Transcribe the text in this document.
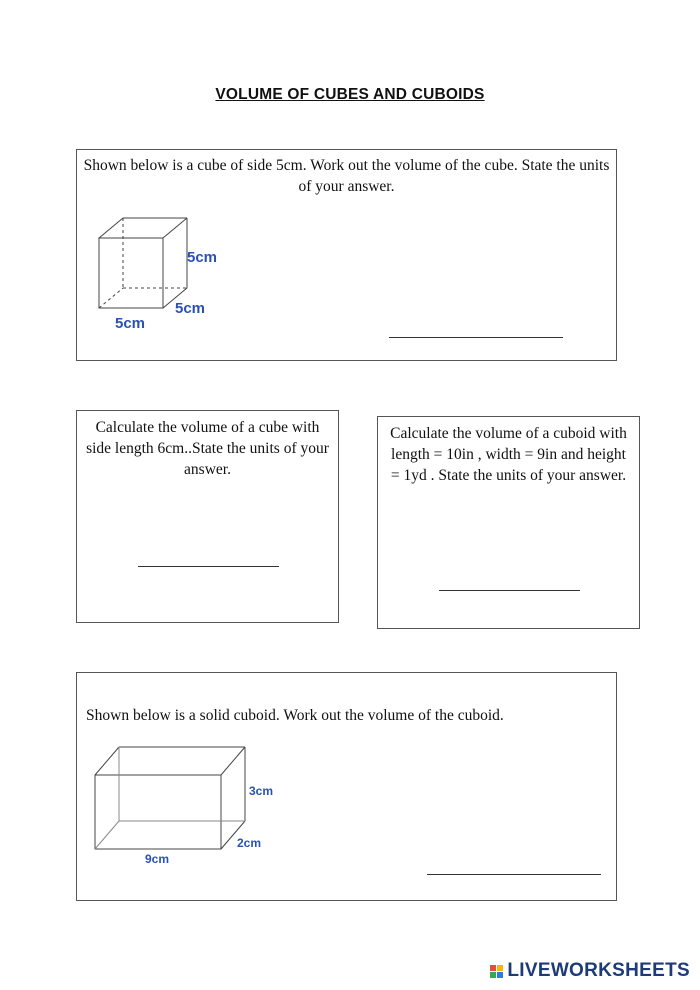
VOLUME OF CUBES AND CUBOIDS
Shown below is a cube of side 5cm. Work out the volume of the cube. State the units of your answer.
5cm
5cm
5cm
Calculate the volume of a cube with side length 6cm..State the units of your answer.
Calculate the volume of a cuboid with length = 10in , width = 9in and height = 1yd . State the units of your answer.
Shown below is a solid cuboid. Work out the volume of the cuboid.
3cm
2cm
9cm
LIVEWORKSHEETS
